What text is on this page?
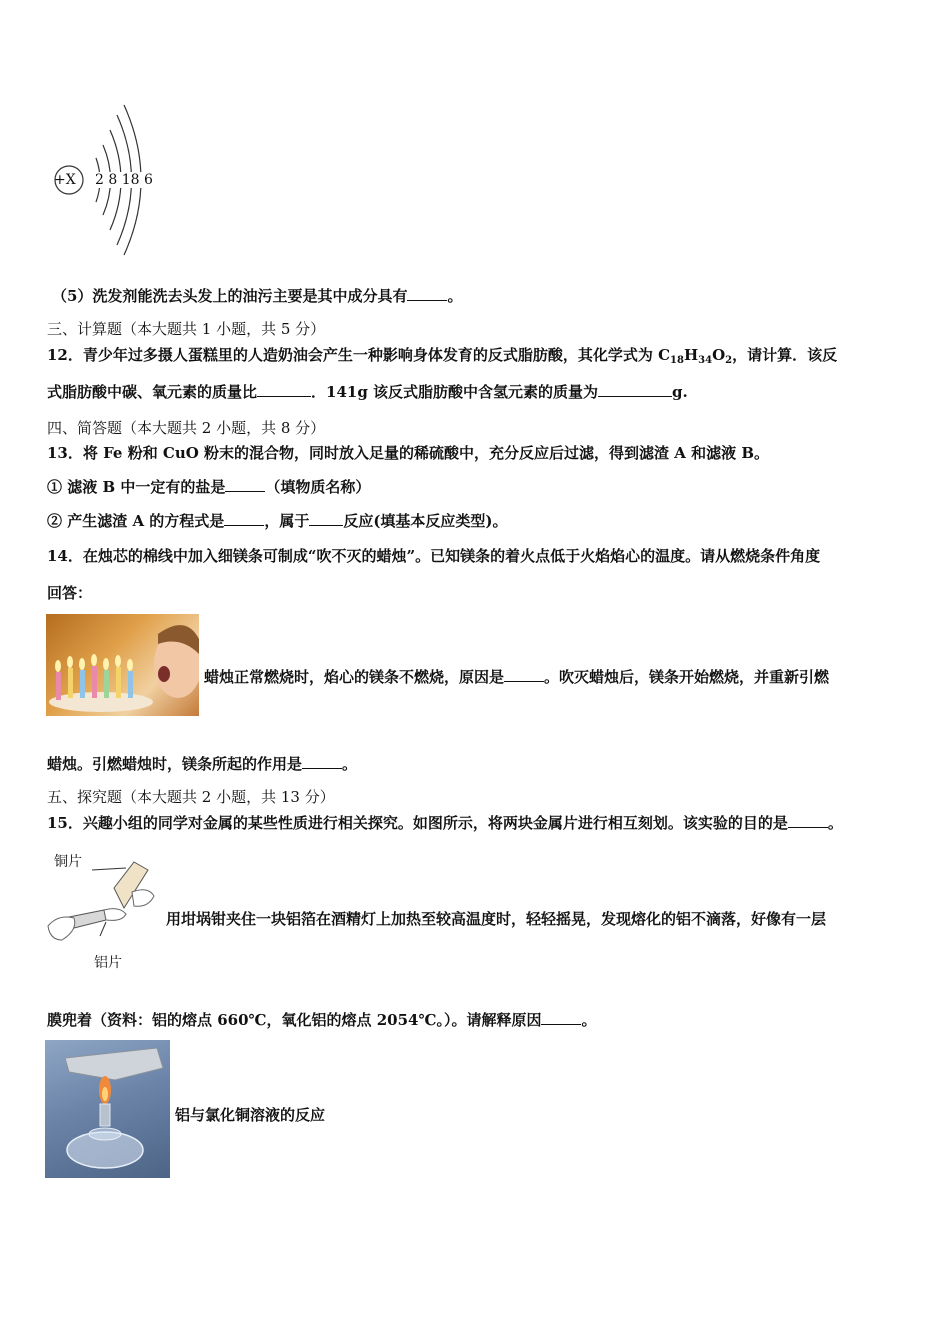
+X 2 8 18 6
（5）洗发剂能洗去头发上的油污主要是其中成分具有	。
三、计算题（本大题共 1 小题，共 5 分）
12．青少年过多摄人蛋糕里的人造奶油会产生一种影响身体发育的反式脂肪酸，其化学式为 $C_{18}H_{34}O_2$，请计算．该反
式脂肪酸中碳、氧元素的质量比	．141g 该反式脂肪酸中含氢元素的质量为	g.
四、简答题（本大题共 2 小题，共 8 分）
13．将 Fe 粉和 CuO 粉末的混合物，同时放入足量的稀硫酸中，充分反应后过滤，得到滤渣 A 和滤液 B。
① 滤液 B 中一定有的盐是	（填物质名称）
② 产生滤渣 A 的方程式是	，属于 反应(填基本反应类型)。
14．在烛芯的棉线中加入细镁条可制成“吹不灭的蜡烛”。已知镁条的着火点低于火焰焰心的温度。请从燃烧条件角度
回答：
蜡烛正常燃烧时，焰心的镁条不燃烧，原因是	。吹灭蜡烛后，镁条开始燃烧，并重新引燃
蜡烛。引燃蜡烛时，镁条所起的作用是	。
五、探究题（本大题共 2 小题，共 13 分）
15．兴趣小组的同学对金属的某些性质进行相关探究。如图所示，将两块金属片进行相互刻划。该实验的目的是	。
铜片
铝片
用坩埚钳夹住一块铝箔在酒精灯上加热至较高温度时，轻轻摇晃，发现熔化的铝不滴落，好像有一层
膜兜着（资料：铝的熔点 660℃，氧化铝的熔点 2054℃。）。请解释原因	。
铝与氯化铜溶液的反应
